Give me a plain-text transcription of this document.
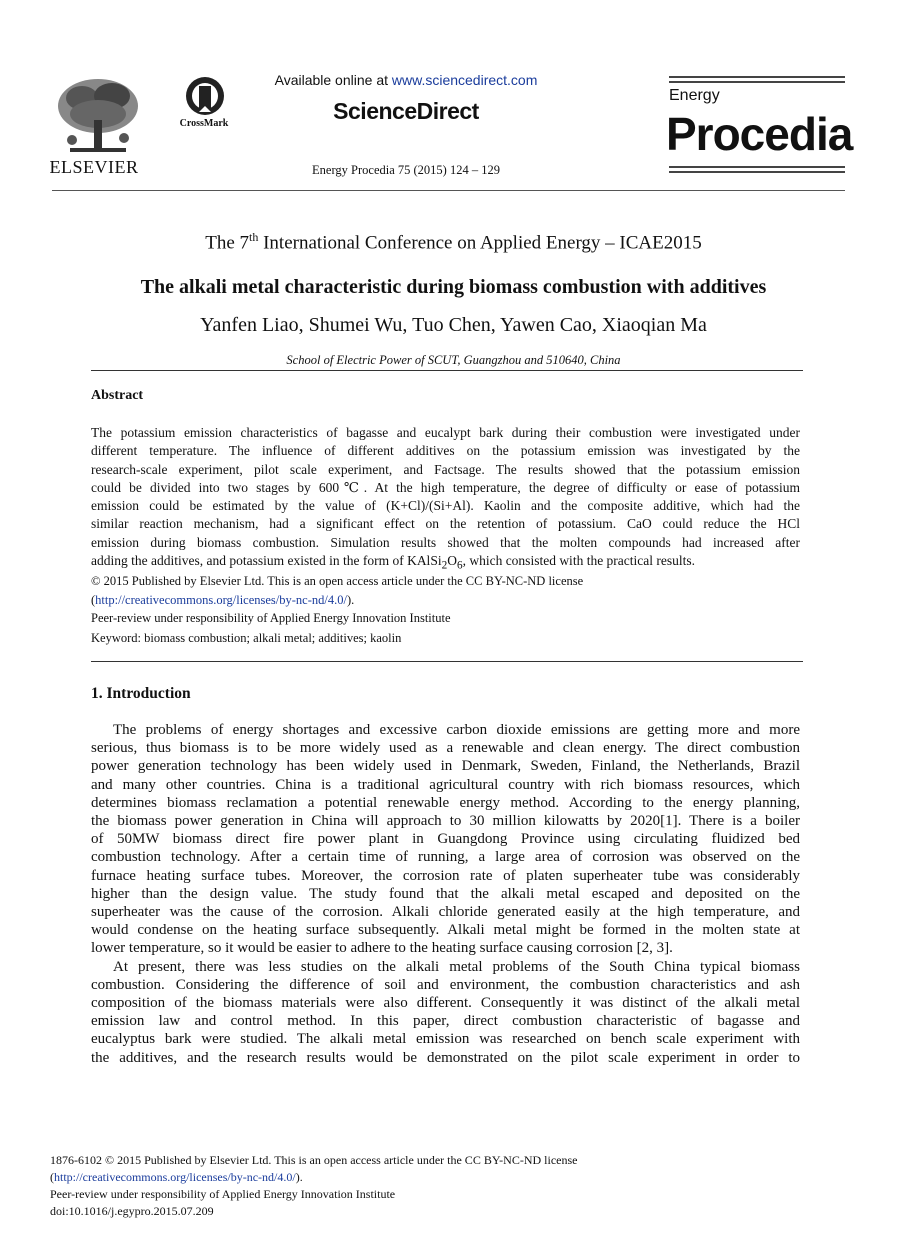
ELSEVIER
CrossMark
Available online at www.sciencedirect.com
ScienceDirect
Energy Procedia 75 (2015) 124 – 129
Energy
Procedia
The 7th International Conference on Applied Energy – ICAE2015
The alkali metal characteristic during biomass combustion with additives
Yanfen Liao, Shumei Wu, Tuo Chen, Yawen Cao, Xiaoqian Ma
School of Electric Power of SCUT, Guangzhou and 510640, China
Abstract
The potassium emission characteristics of bagasse and eucalypt bark during their combustion were investigated under
different temperature. The influence of different additives on the potassium emission was investigated by the
research-scale experiment, pilot scale experiment, and Factsage. The results showed that the potassium emission
could be divided into two stages by 600℃. At the high temperature, the degree of difficulty or ease of potassium
emission could be estimated by the value of (K+Cl)/(Si+Al). Kaolin and the composite additive, which had the
similar reaction mechanism, had a significant effect on the retention of potassium. CaO could reduce the HCl
emission during biomass combustion. Simulation results showed that the molten compounds had increased after
adding the additives, and potassium existed in the form of $KAlSi_2O_6$, which consisted with the practical results.
© 2015 Published by Elsevier Ltd. This is an open access article under the CC BY-NC-ND license
(http://creativecommons.org/licenses/by-nc-nd/4.0/).
Peer-review under responsibility of Applied Energy Innovation Institute
Keyword: biomass combustion; alkali metal; additives; kaolin
1. Introduction
The problems of energy shortages and excessive carbon dioxide emissions are getting more and more
serious, thus biomass is to be more widely used as a renewable and clean energy. The direct combustion
power generation technology has been widely used in Denmark, Sweden, Finland, the Netherlands, Brazil
and many other countries. China is a traditional agricultural country with rich biomass resources, which
determines biomass reclamation a potential renewable energy method. According to the energy planning,
the biomass power generation in China will approach to 30 million kilowatts by 2020[1]. There is a boiler
of 50MW biomass direct fire power plant in Guangdong Province using circulating fluidized bed
combustion technology. After a certain time of running, a large area of corrosion was observed on the
furnace heating surface tubes. Moreover, the corrosion rate of platen superheater tube was considerably
higher than the design value. The study found that the alkali metal escaped and deposited on the
superheater was the cause of the corrosion. Alkali chloride generated easily at the high temperature, and
would condense on the heating surface subsequently. Alkali metal might be formed in the molten state at
lower temperature, so it would be easier to adhere to the heating surface causing corrosion [2, 3].
At present, there was less studies on the alkali metal problems of the South China typical biomass
combustion. Considering the difference of soil and environment, the combustion characteristics and ash
composition of the biomass materials were also different. Consequently it was distinct of the alkali metal
emission law and control method. In this paper, direct combustion characteristic of bagasse and
eucalyptus bark were studied. The alkali metal emission was researched on bench scale experiment with
the additives, and the research results would be demonstrated on the pilot scale experiment in order to
1876-6102 © 2015 Published by Elsevier Ltd. This is an open access article under the CC BY-NC-ND license
(http://creativecommons.org/licenses/by-nc-nd/4.0/).
Peer-review under responsibility of Applied Energy Innovation Institute
doi:10.1016/j.egypro.2015.07.209
